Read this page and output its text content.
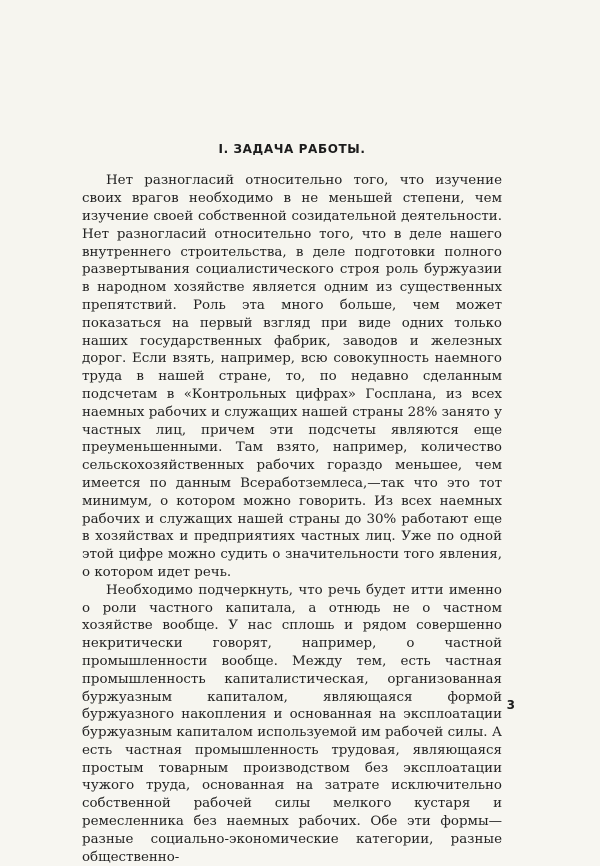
I. ЗАДАЧА РАБОТЫ.

Нет разногласий относительно того, что изучение своих врагов необходимо в не меньшей степени, чем изучение своей собственной созидательной деятельности. Нет разногласий относительно того, что в деле нашего внутреннего строительства, в деле подготовки полного развертывания социалистического строя роль буржуазии в народном хозяйстве является одним из существенных препятствий. Роль эта много больше, чем может показаться на первый взгляд при виде одних только наших государственных фабрик, заводов и железных дорог. Если взять, например, всю совокупность наемного труда в нашей стране, то, по недавно сделанным подсчетам в «Контрольных цифрах» Госплана, из всех наемных рабочих и служащих нашей страны 28% занято у частных лиц, причем эти подсчеты являются еще преуменьшенными. Там взято, например, количество сельскохозяйственных рабочих гораздо меньшее, чем имеется по данным Всеработземлеса,—так что это тот минимум, о котором можно говорить. Из всех наемных рабочих и служащих нашей страны до 30% работают еще в хозяйствах и предприятиях частных лиц. Уже по одной этой цифре можно судить о значительности того явления, о котором идет речь.

Необходимо подчеркнуть, что речь будет итти именно о роли частного капитала, а отнюдь не о частном хозяйстве вообще. У нас сплошь и рядом совершенно некритически говорят, например, о частной промышленности вообще. Между тем, есть частная промышленность капиталистическая, организованная буржуазным капиталом, являющаяся формой буржуазного накопления и основанная на эксплоатации буржуазным капиталом используемой им рабочей силы. А есть частная промышленность трудовая, являющаяся простым товарным производством без эксплоатации чужого труда, основанная на затрате исключительно собственной рабочей силы мелкого кустаря и ремесленника без наемных рабочих. Обе эти формы—разные социально-экономические категории, разные общественно-

3
